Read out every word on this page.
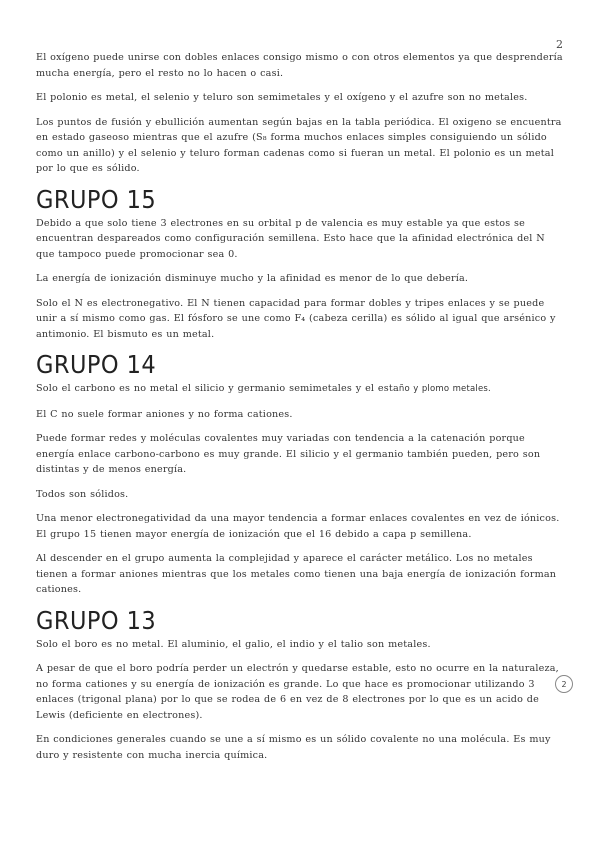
2

El oxígeno puede unirse con dobles enlaces consigo mismo o con otros elementos ya que desprendería mucha energía, pero el resto no lo hacen o casi.

El polonio es metal, el selenio y teluro son semimetales y el oxígeno y el azufre son no metales.

Los puntos de fusión y ebullición aumentan según bajas en la tabla periódica. El oxigeno se encuentra en estado gaseoso mientras que el azufre (S₈ forma muchos enlaces simples consiguiendo un sólido como un anillo) y el selenio y teluro forman cadenas como si fueran un metal. El polonio es un metal por lo que es sólido.

GRUPO 15

Debido a que solo tiene 3 electrones en su orbital p de valencia es muy estable ya que estos se encuentran despareados como configuración semillena. Esto hace que la afinidad electrónica del N que tampoco puede promocionar sea 0.

La energía de ionización disminuye mucho y la afinidad es menor de lo que debería.

Solo el N es electronegativo. El N tienen capacidad para formar dobles y tripes enlaces y se puede unir a sí mismo como gas. El fósforo se une como F₄ (cabeza cerilla) es sólido al igual que arsénico y antimonio. El bismuto es un metal.

GRUPO 14

Solo el carbono es no metal el silicio y germanio semimetales y el estaño y plomo metales.

El C no suele formar aniones y no forma cationes.

Puede formar redes y moléculas covalentes muy variadas con tendencia a la catenación porque energía enlace carbono-carbono es muy grande. El silicio y el germanio también pueden, pero son distintas y de menos energía.

Todos son sólidos.

Una menor electronegatividad da una mayor tendencia a formar enlaces covalentes en vez de iónicos. El grupo 15 tienen mayor energía de ionización que el 16 debido a capa p semillena.

Al descender en el grupo aumenta la complejidad y aparece el carácter metálico. Los no metales tienen a formar aniones mientras que los metales como tienen una baja energía de ionización forman cationes.

GRUPO 13

Solo el boro es no metal. El aluminio, el galio, el indio y el talio son metales.

A pesar de que el boro podría perder un electrón y quedarse estable, esto no ocurre en la naturaleza, no forma cationes y su energía de ionización es grande. Lo que hace es promocionar utilizando 3 enlaces (trigonal plana) por lo que se rodea de 6 en vez de 8 electrones por lo que es un acido de Lewis (deficiente en electrones).

En condiciones generales cuando se une a sí mismo es un sólido covalente no una molécula. Es muy duro y resistente con mucha inercia química.

2
